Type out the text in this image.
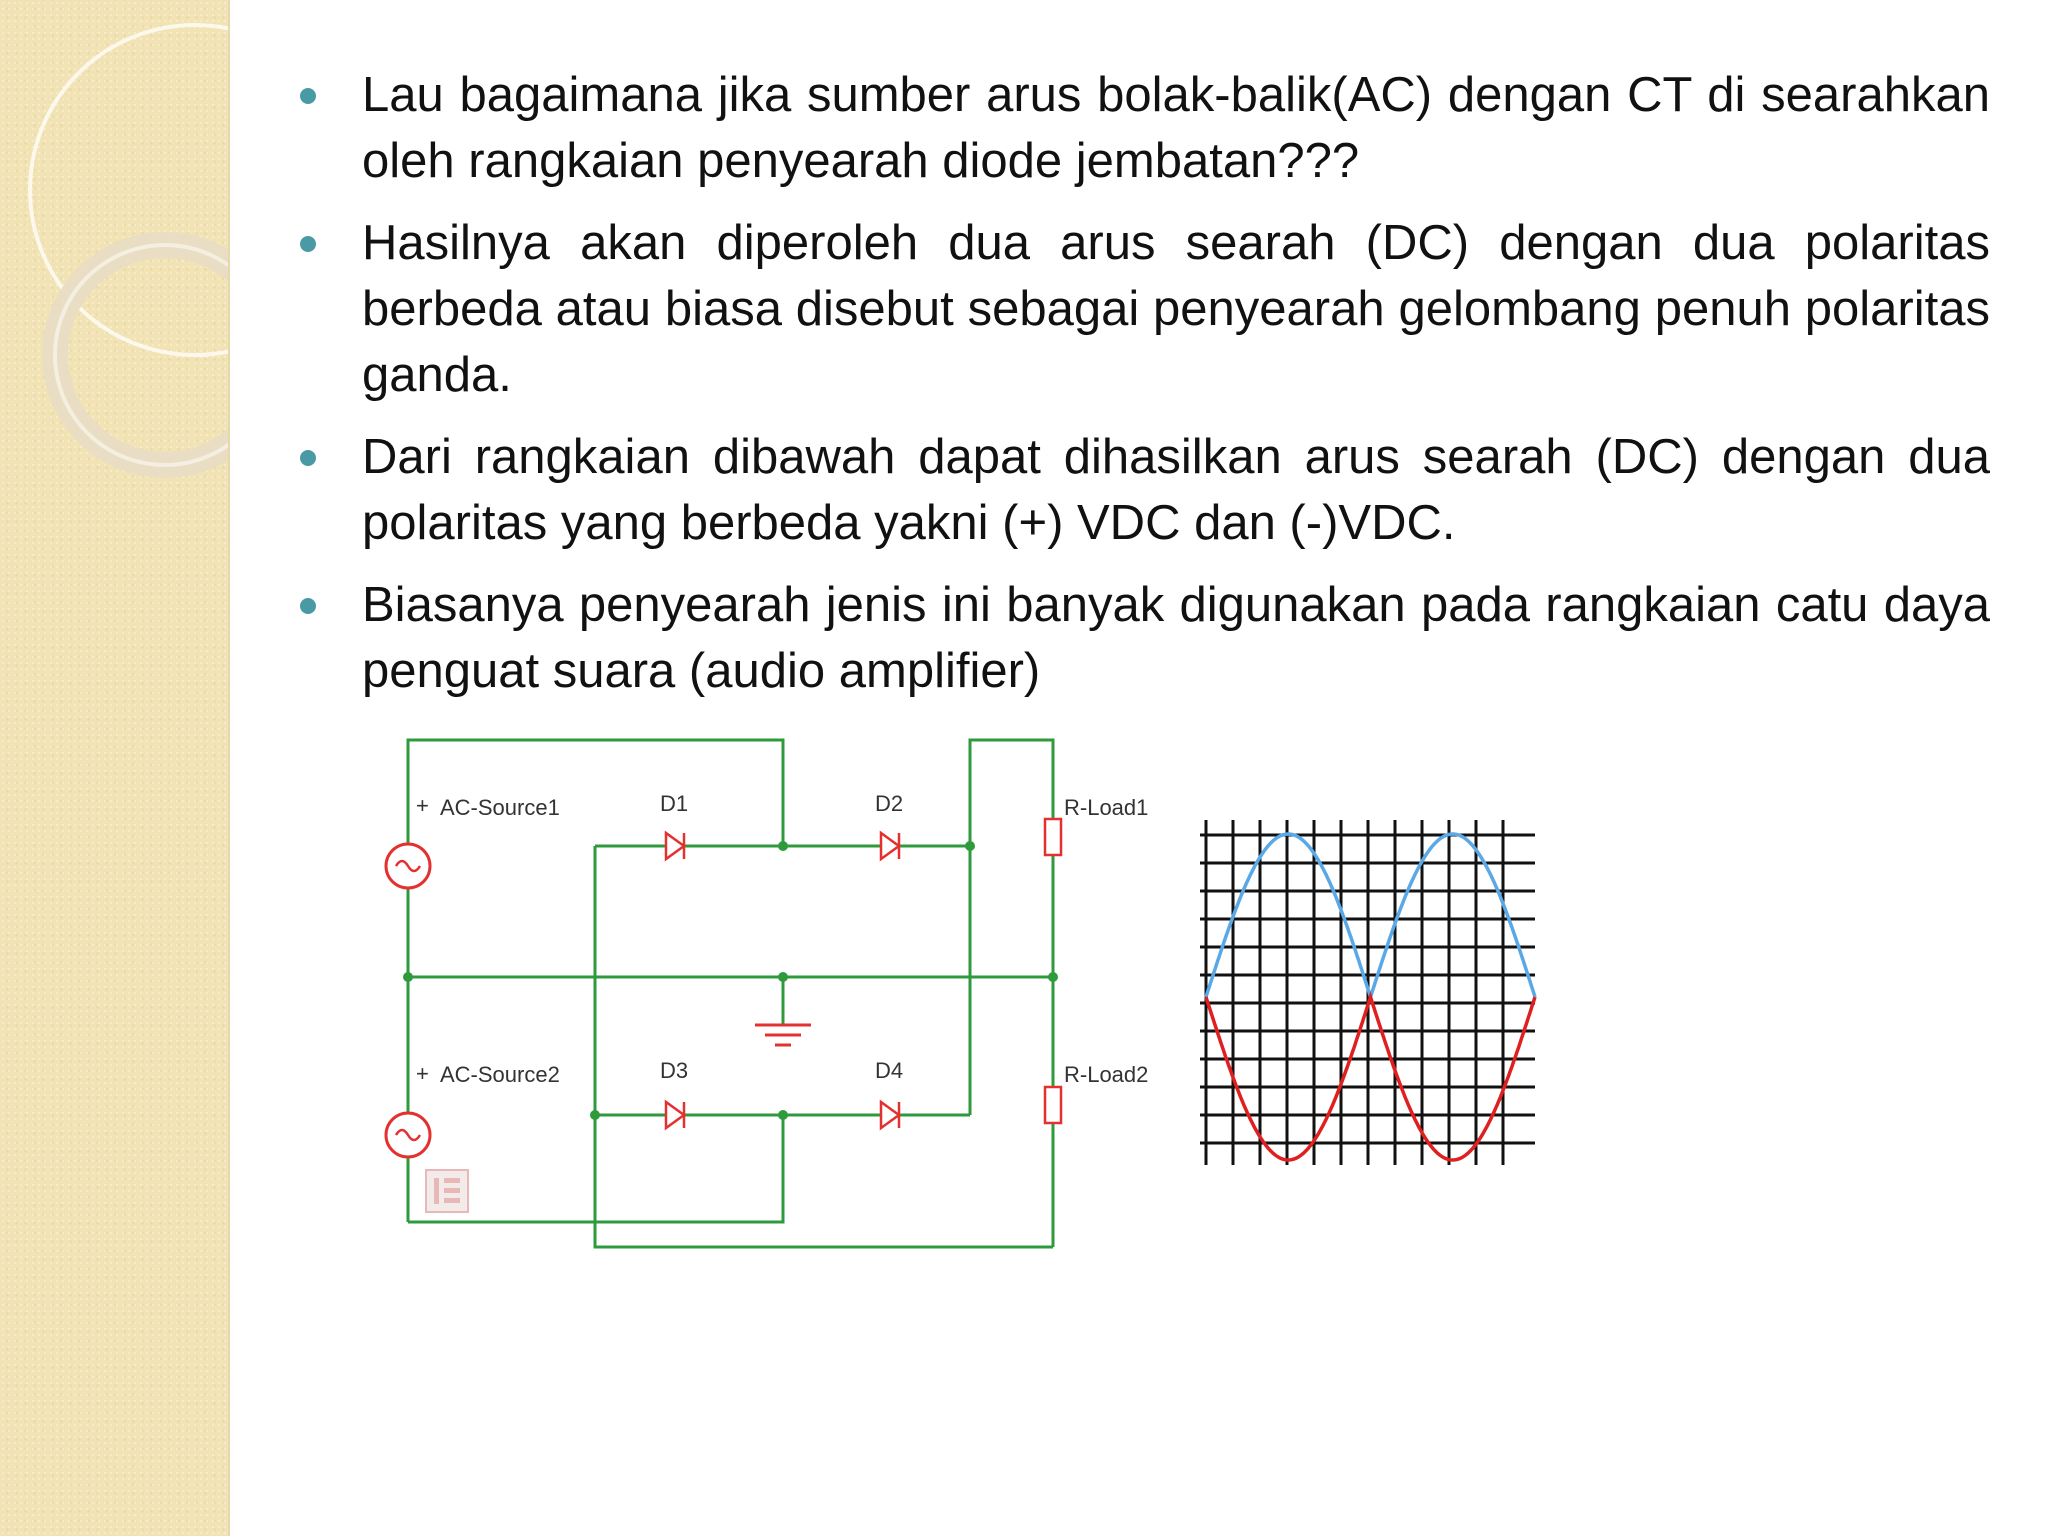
Lau bagaimana jika sumber arus bolak-balik(AC) dengan CT di searahkan oleh rangkaian penyearah diode jembatan???
Hasilnya akan diperoleh dua arus searah (DC) dengan dua polaritas berbeda atau biasa disebut sebagai penyearah gelombang penuh polaritas ganda.
Dari rangkaian dibawah dapat dihasilkan arus searah (DC) dengan dua polaritas yang berbeda yakni (+) VDC dan (-)VDC.
Biasanya penyearah jenis ini banyak digunakan pada rangkaian catu daya penguat suara (audio amplifier)
+
+
AC-Source1
AC-Source2
D1	D2
D3	D4
R-Load1
R-Load2
